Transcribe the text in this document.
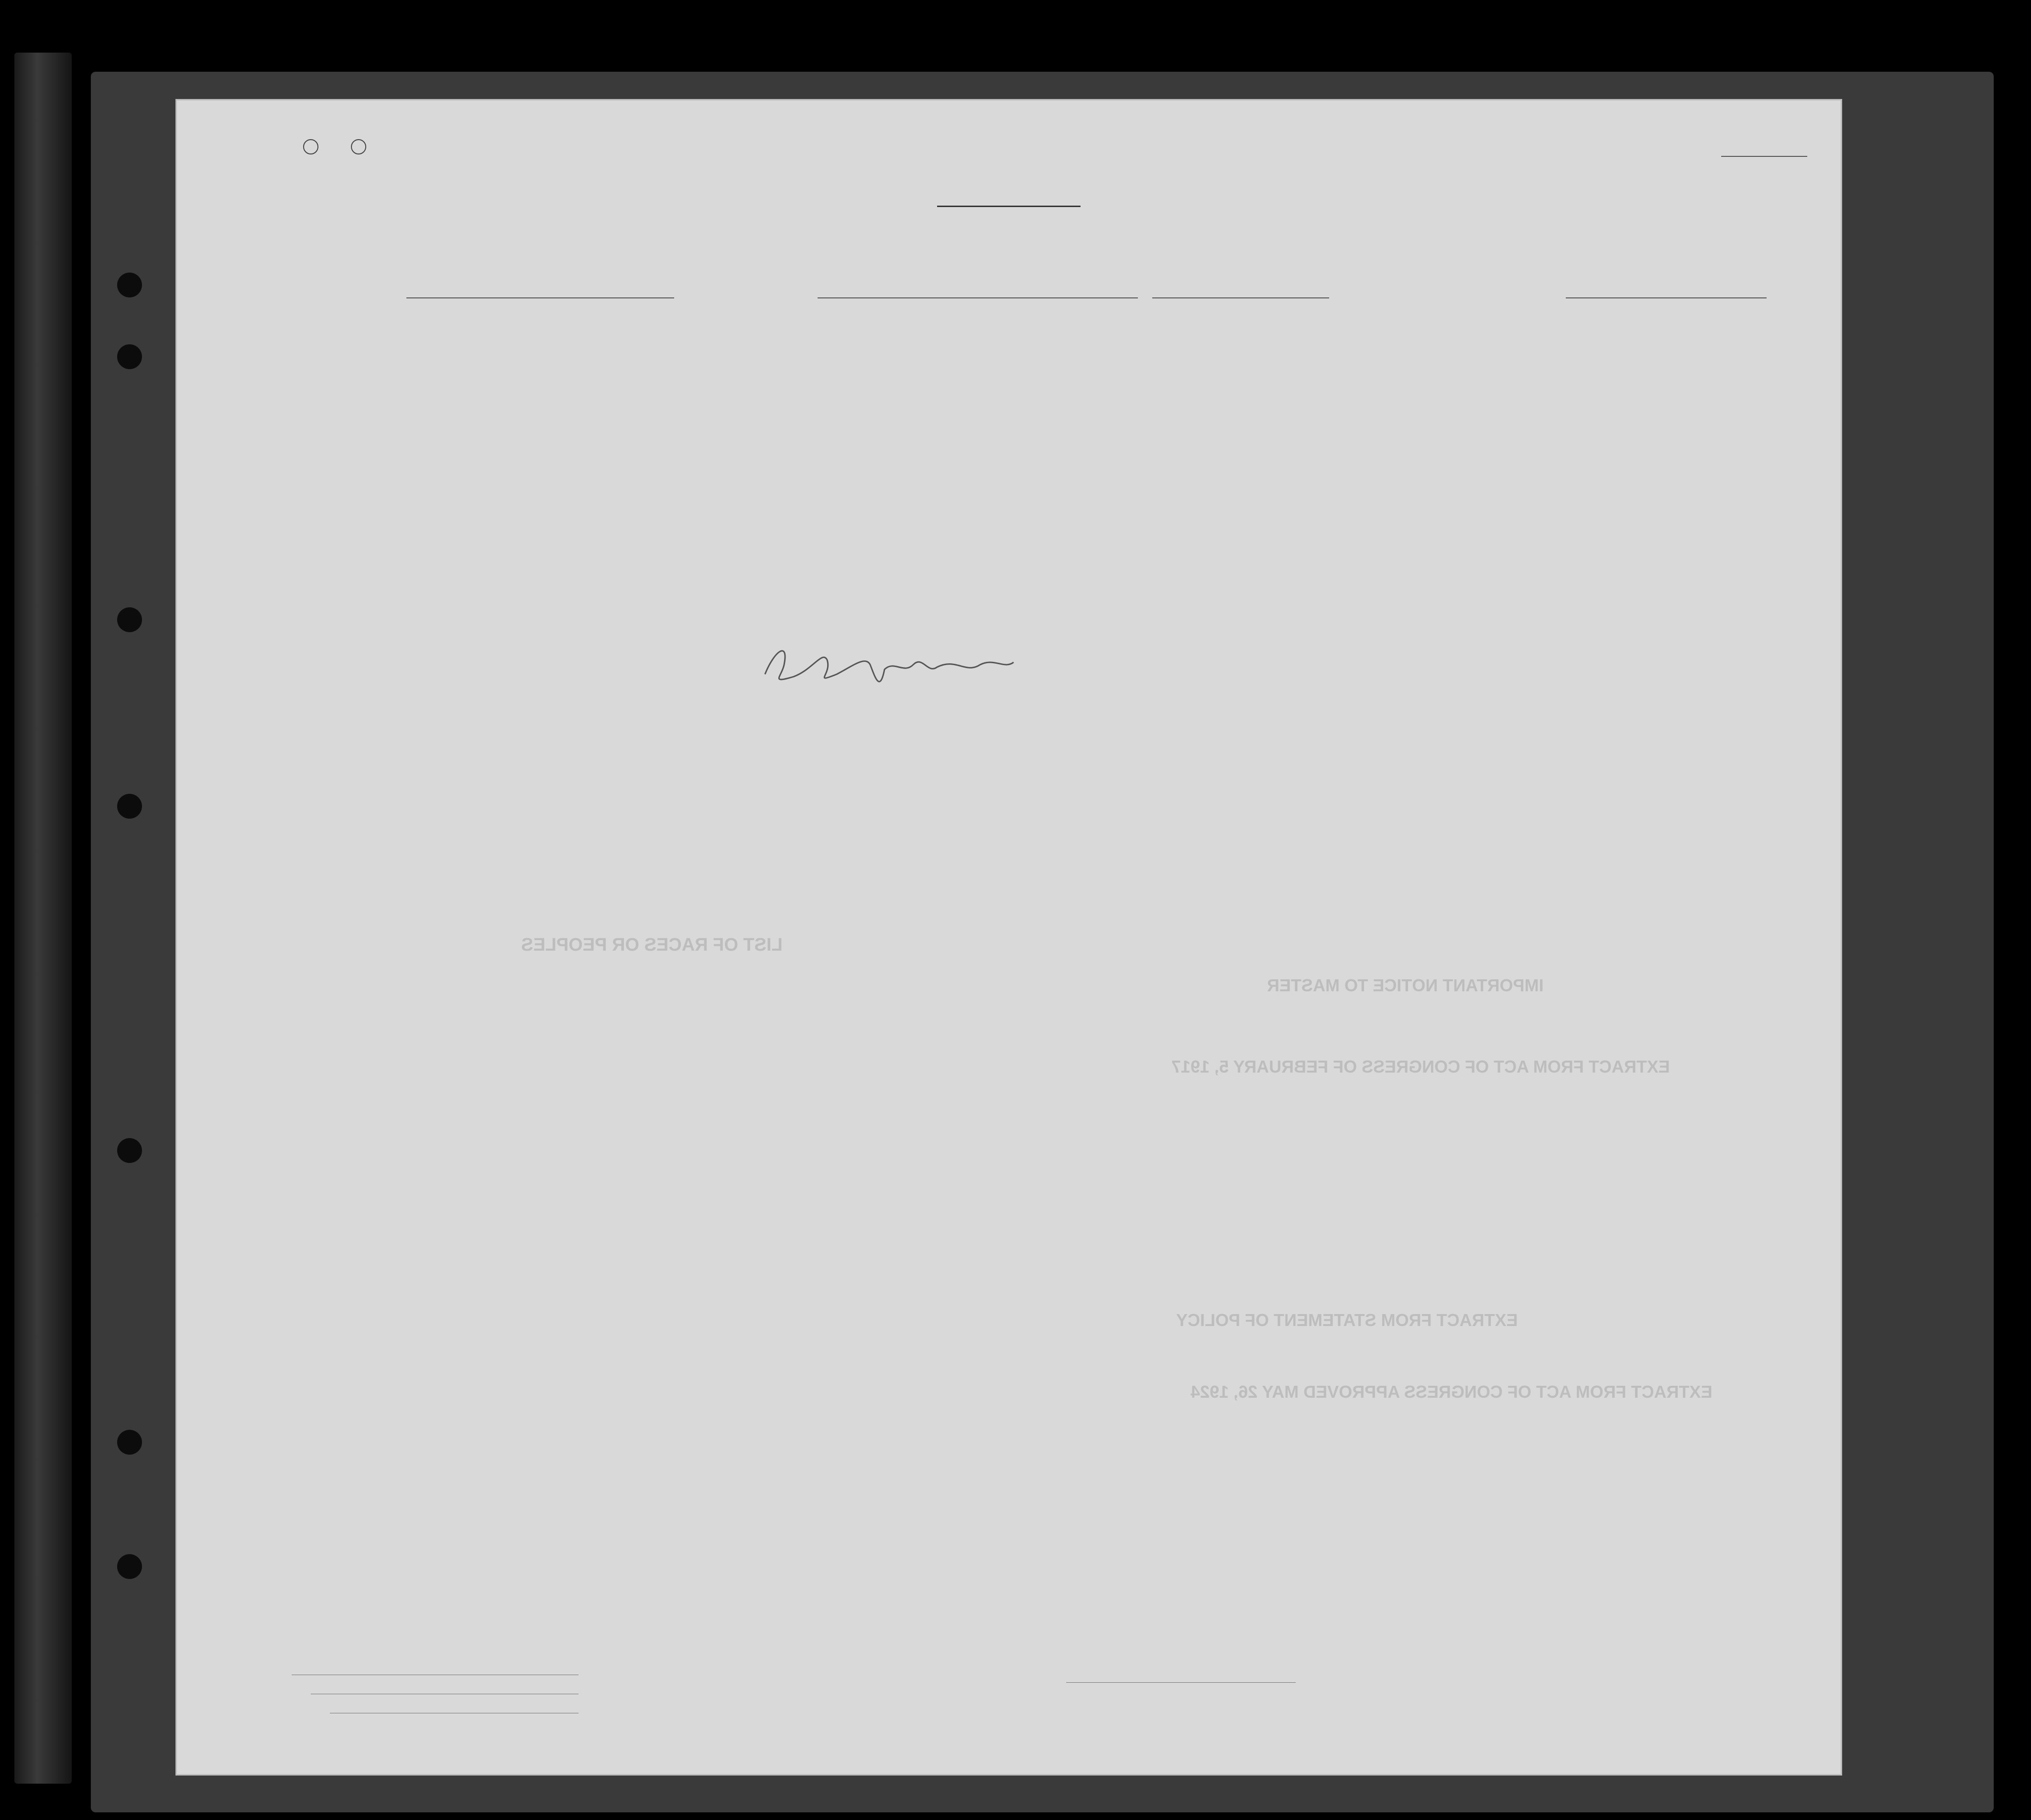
LIST OF RACES OR PEOPLES
IMPORTANT NOTICE TO MASTER
EXTRACT FROM ACT OF CONGRESS OF FEBRUARY 5, 1917
EXTRACT FROM STATEMENT OF POLICY
EXTRACT FROM ACT OF CONGRESS APPROVED MAY 26, 1924
